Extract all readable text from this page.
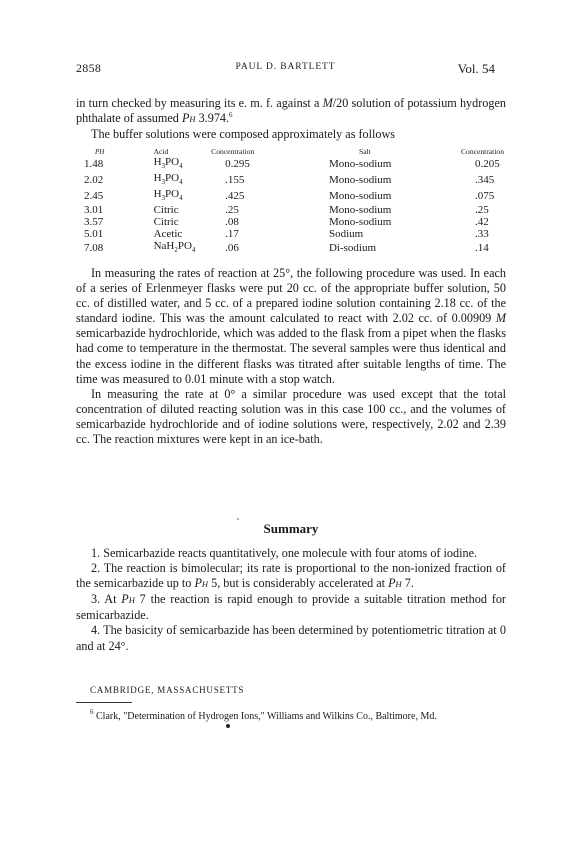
2858	PAUL D. BARTLETT	Vol. 54

in turn checked by measuring its e. m. f. against a M/20 solution of potassium hydrogen phthalate of assumed PH 3.974.$^6$

The buffer solutions were composed approximately as follows

PH	Acid	Concentration	Salt	Concentration
1.48	$H_3PO_4$	0.295	Mono-sodium	0.205
2.02	$H_3PO_4$	.155	Mono-sodium	.345
2.45	$H_3PO_4$	.425	Mono-sodium	.075
3.01	Citric	.25	Mono-sodium	.25
3.57	Citric	.08	Mono-sodium	.42
5.01	Acetic	.17	Sodium	.33
7.08	$NaH_2PO_4$	.06	Di-sodium	.14

In measuring the rates of reaction at 25°, the following procedure was used. In each of a series of Erlenmeyer flasks were put 20 cc. of the appropriate buffer solution, 50 cc. of distilled water, and 5 cc. of a prepared iodine solution containing 2.18 cc. of the standard iodine. This was the amount calculated to react with 2.02 cc. of 0.00909 M semicarbazide hydrochloride, which was added to the flask from a pipet when the flasks had come to temperature in the thermostat. The several samples were thus identical and the excess iodine in the different flasks was titrated after suitable lengths of time. The time was measured to 0.01 minute with a stop watch.

In measuring the rate at 0° a similar procedure was used except that the total concentration of diluted reacting solution was in this case 100 cc., and the volumes of semicarbazide hydrochloride and of iodine solutions were, respectively, 2.02 and 2.39 cc. The reaction mixtures were kept in an ice-bath.

Summary

1. Semicarbazide reacts quantitatively, one molecule with four atoms of iodine.

2. The reaction is bimolecular; its rate is proportional to the non-ionized fraction of the semicarbazide up to PH 5, but is considerably accelerated at PH 7.

3. At PH 7 the reaction is rapid enough to provide a suitable titration method for semicarbazide.

4. The basicity of semicarbazide has been determined by potentiometric titration at 0 and at 24°.

CAMBRIDGE, MASSACHUSETTS
$^6$ Clark, "Determination of Hydrogen Ions," Williams and Wilkins Co., Baltimore, Md.
